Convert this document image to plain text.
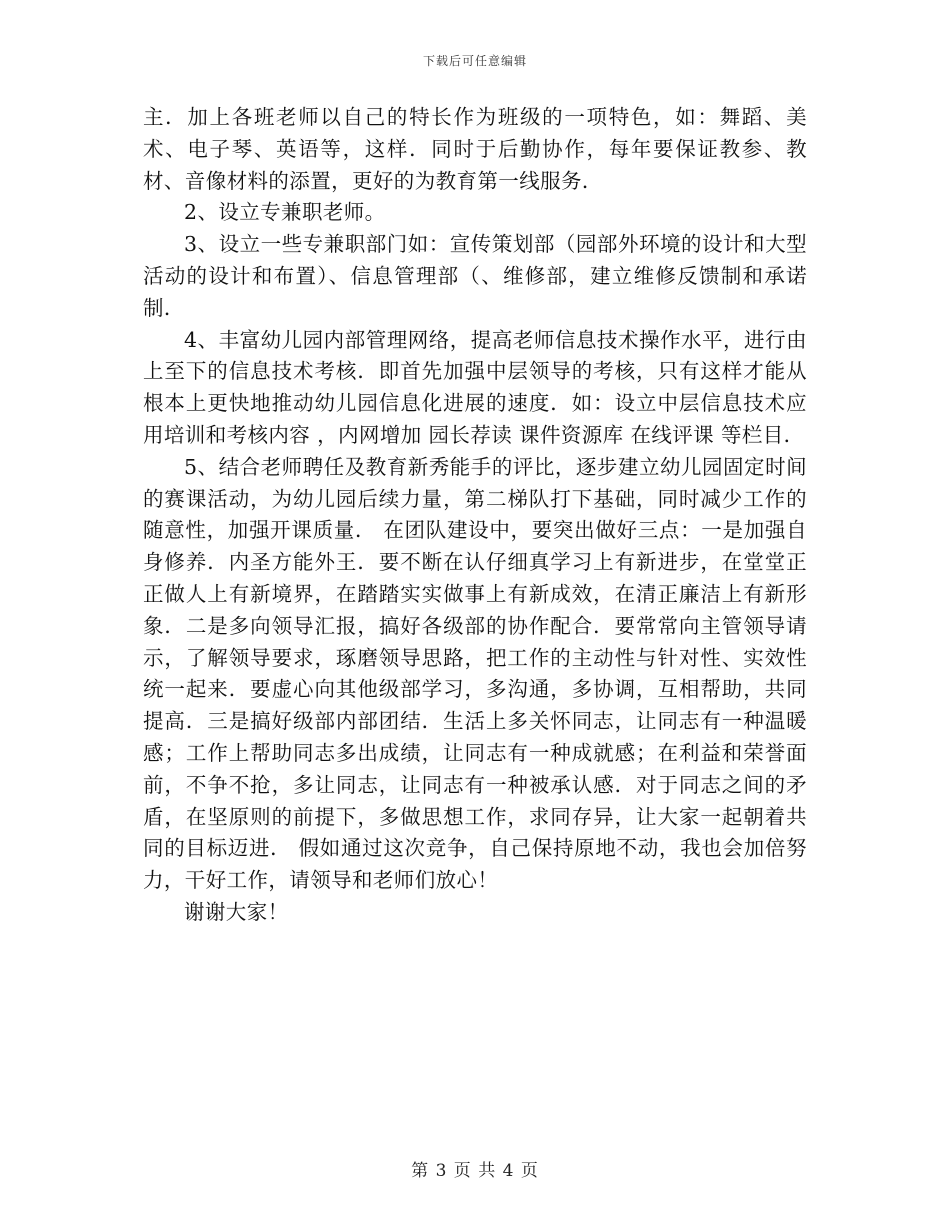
下载后可任意编辑

主．加上各班老师以自己的特长作为班级的一项特色，如：舞蹈、美术、电子琴、英语等，这样．同时于后勤协作，每年要保证教参、教材、音像材料的添置，更好的为教育第一线服务．

2、设立专兼职老师。

3、设立一些专兼职部门如：宣传策划部（园部外环境的设计和大型活动的设计和布置）、信息管理部（、维修部，建立维修反馈制和承诺制．

4、丰富幼儿园内部管理网络，提高老师信息技术操作水平，进行由上至下的信息技术考核．即首先加强中层领导的考核，只有这样才能从根本上更快地推动幼儿园信息化进展的速度．如：设立中层信息技术应用培训和考核内容 ，内网增加 园长荐读 课件资源库 在线评课 等栏目．

5、结合老师聘任及教育新秀能手的评比，逐步建立幼儿园固定时间的赛课活动，为幼儿园后续力量，第二梯队打下基础，同时减少工作的随意性，加强开课质量． 在团队建设中，要突出做好三点：一是加强自身修养．内圣方能外王．要不断在认仔细真学习上有新进步，在堂堂正正做人上有新境界，在踏踏实实做事上有新成效，在清正廉洁上有新形象．二是多向领导汇报，搞好各级部的协作配合．要常常向主管领导请示，了解领导要求，琢磨领导思路，把工作的主动性与针对性、实效性统一起来．要虚心向其他级部学习，多沟通，多协调，互相帮助，共同提高．三是搞好级部内部团结．生活上多关怀同志，让同志有一种温暖感；工作上帮助同志多出成绩，让同志有一种成就感；在利益和荣誉面前，不争不抢，多让同志，让同志有一种被承认感．对于同志之间的矛盾，在坚原则的前提下，多做思想工作，求同存异，让大家一起朝着共同的目标迈进． 假如通过这次竞争，自己保持原地不动，我也会加倍努力，干好工作，请领导和老师们放心！

谢谢大家！

第 3 页 共 4 页
